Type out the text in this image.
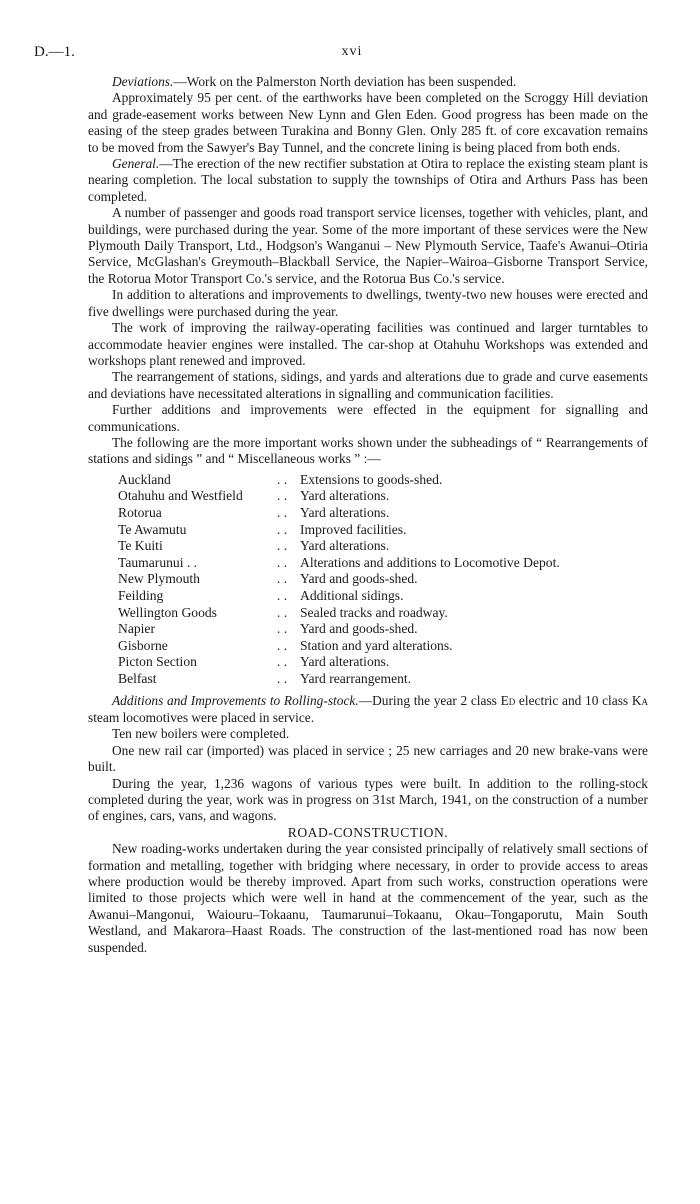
D.—1.	xvi

Deviations.—Work on the Palmerston North deviation has been suspended.

Approximately 95 per cent. of the earthworks have been completed on the Scroggy Hill deviation and grade-easement works between New Lynn and Glen Eden. Good progress has been made on the easing of the steep grades between Turakina and Bonny Glen. Only 285 ft. of core excavation remains to be moved from the Sawyer's Bay Tunnel, and the concrete lining is being placed from both ends.

General.—The erection of the new rectifier substation at Otira to replace the existing steam plant is nearing completion. The local substation to supply the townships of Otira and Arthurs Pass has been completed.

A number of passenger and goods road transport service licenses, together with vehicles, plant, and buildings, were purchased during the year. Some of the more important of these services were the New Plymouth Daily Transport, Ltd., Hodgson's Wanganui – New Plymouth Service, Taafe's Awanui–Otiria Service, McGlashan's Greymouth–Blackball Service, the Napier–Wairoa–Gisborne Transport Service, the Rotorua Motor Transport Co.'s service, and the Rotorua Bus Co.'s service.

In addition to alterations and improvements to dwellings, twenty-two new houses were erected and five dwellings were purchased during the year.

The work of improving the railway-operating facilities was continued and larger turntables to accommodate heavier engines were installed. The car-shop at Otahuhu Workshops was extended and workshops plant renewed and improved.

The rearrangement of stations, sidings, and yards and alterations due to grade and curve easements and deviations have necessitated alterations in signalling and communication facilities.

Further additions and improvements were effected in the equipment for signalling and communications.

The following are the more important works shown under the subheadings of “ Rearrangements of stations and sidings ” and “ Miscellaneous works ” :—

Auckland	. .	Extensions to goods-shed.
Otahuhu and Westfield	. .	Yard alterations.
Rotorua	. .	Yard alterations.
Te Awamutu	. .	Improved facilities.
Te Kuiti	. .	Yard alterations.
Taumarunui . .	. .	Alterations and additions to Locomotive Depot.
New Plymouth	. .	Yard and goods-shed.
Feilding	. .	Additional sidings.
Wellington Goods	. .	Sealed tracks and roadway.
Napier	. .	Yard and goods-shed.
Gisborne	. .	Station and yard alterations.
Picton Section	. .	Yard alterations.
Belfast	. .	Yard rearrangement.

Additions and Improvements to Rolling-stock.—During the year 2 class Ed electric and 10 class Ka steam locomotives were placed in service.

Ten new boilers were completed.

One new rail car (imported) was placed in service ; 25 new carriages and 20 new brake-vans were built.

During the year, 1,236 wagons of various types were built. In addition to the rolling-stock completed during the year, work was in progress on 31st March, 1941, on the construction of a number of engines, cars, vans, and wagons.

ROAD-CONSTRUCTION.

New roading-works undertaken during the year consisted principally of relatively small sections of formation and metalling, together with bridging where necessary, in order to provide access to areas where production would be thereby improved. Apart from such works, construction operations were limited to those projects which were well in hand at the commencement of the year, such as the Awanui–Mangonui, Waiouru–Tokaanu, Taumarunui–Tokaanu, Okau–Tongaporutu, Main South Westland, and Makarora–Haast Roads. The construction of the last-mentioned road has now been suspended.
